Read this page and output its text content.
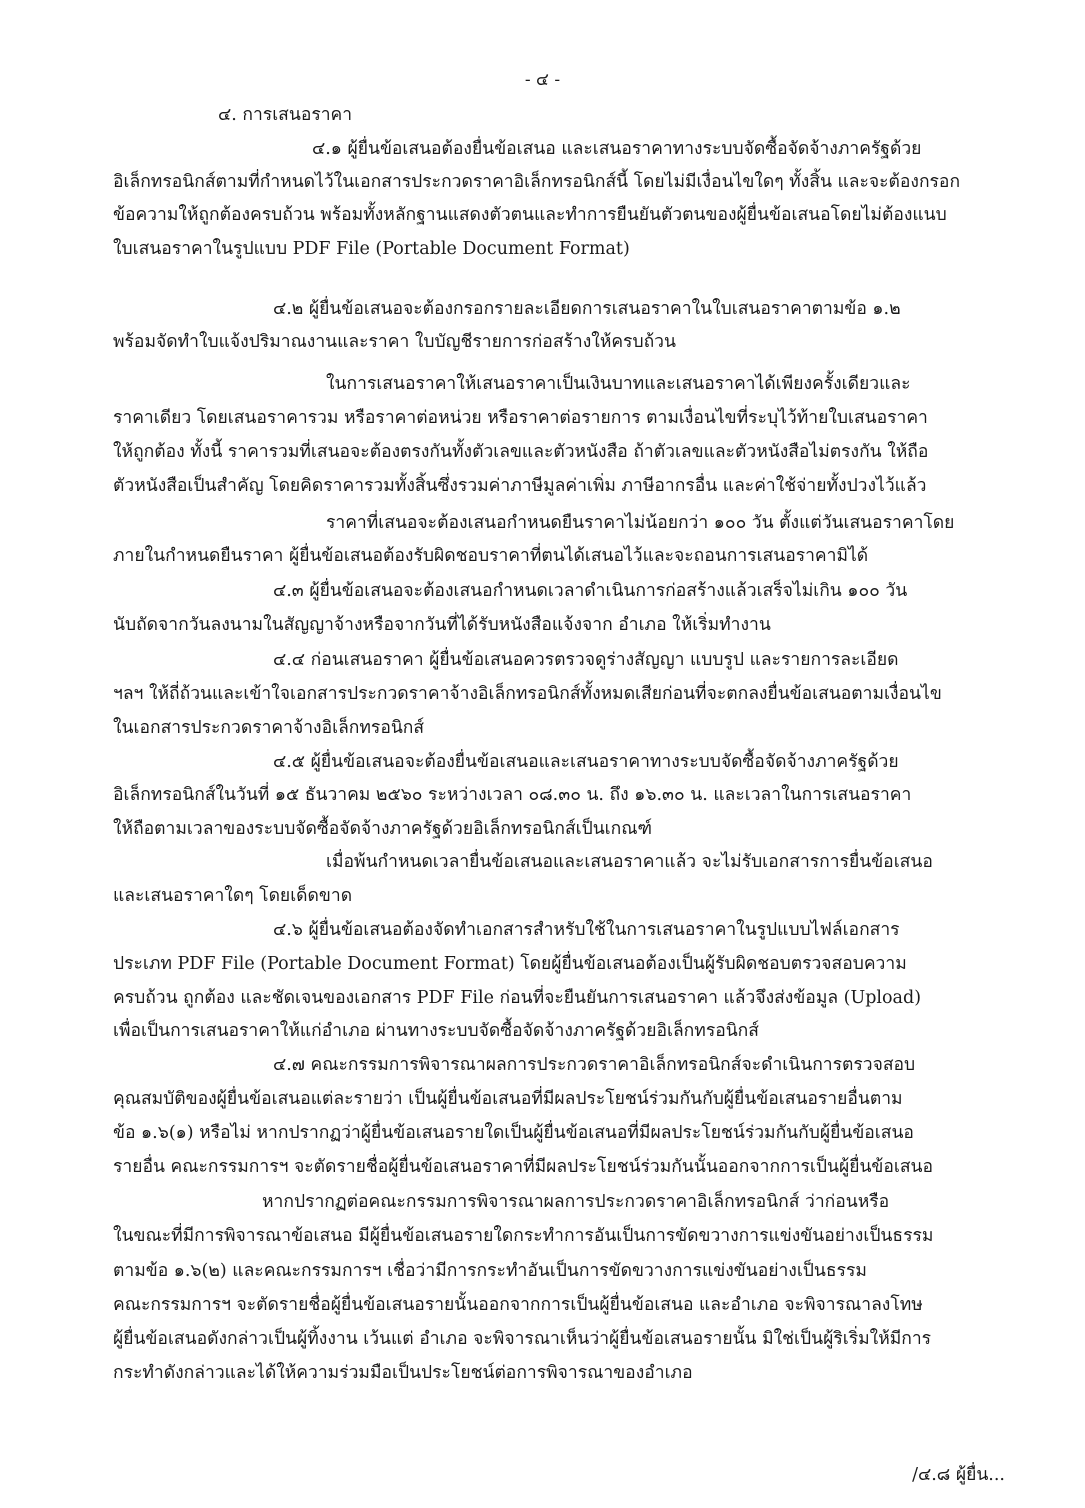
- ๔ -

๔. การเสนอราคา

๔.๑ ผู้ยื่นข้อเสนอต้องยื่นข้อเสนอ และเสนอราคาทางระบบจัดซื้อจัดจ้างภาครัฐด้วย

อิเล็กทรอนิกส์ตามที่กำหนดไว้ในเอกสารประกวดราคาอิเล็กทรอนิกส์นี้ โดยไม่มีเงื่อนไขใดๆ ทั้งสิ้น และจะต้องกรอก

ข้อความให้ถูกต้องครบถ้วน พร้อมทั้งหลักฐานแสดงตัวตนและทำการยืนยันตัวตนของผู้ยื่นข้อเสนอโดยไม่ต้องแนบ

ใบเสนอราคาในรูปแบบ PDF File (Portable Document Format)

๔.๒ ผู้ยื่นข้อเสนอจะต้องกรอกรายละเอียดการเสนอราคาในใบเสนอราคาตามข้อ ๑.๒

พร้อมจัดทำใบแจ้งปริมาณงานและราคา ใบบัญชีรายการก่อสร้างให้ครบถ้วน

ในการเสนอราคาให้เสนอราคาเป็นเงินบาทและเสนอราคาได้เพียงครั้งเดียวและ

ราคาเดียว โดยเสนอราคารวม หรือราคาต่อหน่วย หรือราคาต่อรายการ ตามเงื่อนไขที่ระบุไว้ท้ายใบเสนอราคา

ให้ถูกต้อง ทั้งนี้ ราคารวมที่เสนอจะต้องตรงกันทั้งตัวเลขและตัวหนังสือ ถ้าตัวเลขและตัวหนังสือไม่ตรงกัน ให้ถือ

ตัวหนังสือเป็นสำคัญ โดยคิดราคารวมทั้งสิ้นซึ่งรวมค่าภาษีมูลค่าเพิ่ม ภาษีอากรอื่น และค่าใช้จ่ายทั้งปวงไว้แล้ว

ราคาที่เสนอจะต้องเสนอกำหนดยืนราคาไม่น้อยกว่า ๑๐๐ วัน ตั้งแต่วันเสนอราคาโดย

ภายในกำหนดยืนราคา ผู้ยื่นข้อเสนอต้องรับผิดชอบราคาที่ตนได้เสนอไว้และจะถอนการเสนอราคามิได้

๔.๓ ผู้ยื่นข้อเสนอจะต้องเสนอกำหนดเวลาดำเนินการก่อสร้างแล้วเสร็จไม่เกิน ๑๐๐ วัน

นับถัดจากวันลงนามในสัญญาจ้างหรือจากวันที่ได้รับหนังสือแจ้งจาก อำเภอ ให้เริ่มทำงาน

๔.๔ ก่อนเสนอราคา ผู้ยื่นข้อเสนอควรตรวจดูร่างสัญญา แบบรูป และรายการละเอียด

ฯลฯ ให้ถี่ถ้วนและเข้าใจเอกสารประกวดราคาจ้างอิเล็กทรอนิกส์ทั้งหมดเสียก่อนที่จะตกลงยื่นข้อเสนอตามเงื่อนไข

ในเอกสารประกวดราคาจ้างอิเล็กทรอนิกส์

๔.๕ ผู้ยื่นข้อเสนอจะต้องยื่นข้อเสนอและเสนอราคาทางระบบจัดซื้อจัดจ้างภาครัฐด้วย

อิเล็กทรอนิกส์ในวันที่ ๑๕ ธันวาคม ๒๕๖๐ ระหว่างเวลา ๐๘.๓๐ น. ถึง ๑๖.๓๐ น. และเวลาในการเสนอราคา

ให้ถือตามเวลาของระบบจัดซื้อจัดจ้างภาครัฐด้วยอิเล็กทรอนิกส์เป็นเกณฑ์

เมื่อพ้นกำหนดเวลายื่นข้อเสนอและเสนอราคาแล้ว จะไม่รับเอกสารการยื่นข้อเสนอ

และเสนอราคาใดๆ โดยเด็ดขาด

๔.๖ ผู้ยื่นข้อเสนอต้องจัดทำเอกสารสำหรับใช้ในการเสนอราคาในรูปแบบไฟล์เอกสาร

ประเภท PDF File (Portable Document Format) โดยผู้ยื่นข้อเสนอต้องเป็นผู้รับผิดชอบตรวจสอบความ

ครบถ้วน ถูกต้อง และชัดเจนของเอกสาร PDF File ก่อนที่จะยืนยันการเสนอราคา แล้วจึงส่งข้อมูล (Upload)

เพื่อเป็นการเสนอราคาให้แก่อำเภอ ผ่านทางระบบจัดซื้อจัดจ้างภาครัฐด้วยอิเล็กทรอนิกส์

๔.๗ คณะกรรมการพิจารณาผลการประกวดราคาอิเล็กทรอนิกส์จะดำเนินการตรวจสอบ

คุณสมบัติของผู้ยื่นข้อเสนอแต่ละรายว่า เป็นผู้ยื่นข้อเสนอที่มีผลประโยชน์ร่วมกันกับผู้ยื่นข้อเสนอรายอื่นตาม

ข้อ ๑.๖(๑) หรือไม่ หากปรากฏว่าผู้ยื่นข้อเสนอรายใดเป็นผู้ยื่นข้อเสนอที่มีผลประโยชน์ร่วมกันกับผู้ยื่นข้อเสนอ

รายอื่น คณะกรรมการฯ จะตัดรายชื่อผู้ยื่นข้อเสนอราคาที่มีผลประโยชน์ร่วมกันนั้นออกจากการเป็นผู้ยื่นข้อเสนอ

หากปรากฏต่อคณะกรรมการพิจารณาผลการประกวดราคาอิเล็กทรอนิกส์ ว่าก่อนหรือ

ในขณะที่มีการพิจารณาข้อเสนอ มีผู้ยื่นข้อเสนอรายใดกระทำการอันเป็นการขัดขวางการแข่งขันอย่างเป็นธรรม

ตามข้อ ๑.๖(๒) และคณะกรรมการฯ เชื่อว่ามีการกระทำอันเป็นการขัดขวางการแข่งขันอย่างเป็นธรรม

คณะกรรมการฯ จะตัดรายชื่อผู้ยื่นข้อเสนอรายนั้นออกจากการเป็นผู้ยื่นข้อเสนอ และอำเภอ จะพิจารณาลงโทษ

ผู้ยื่นข้อเสนอดังกล่าวเป็นผู้ทิ้งงาน เว้นแต่ อำเภอ จะพิจารณาเห็นว่าผู้ยื่นข้อเสนอรายนั้น มิใช่เป็นผู้ริเริ่มให้มีการ

กระทำดังกล่าวและได้ให้ความร่วมมือเป็นประโยชน์ต่อการพิจารณาของอำเภอ

/๔.๘ ผู้ยื่น...
